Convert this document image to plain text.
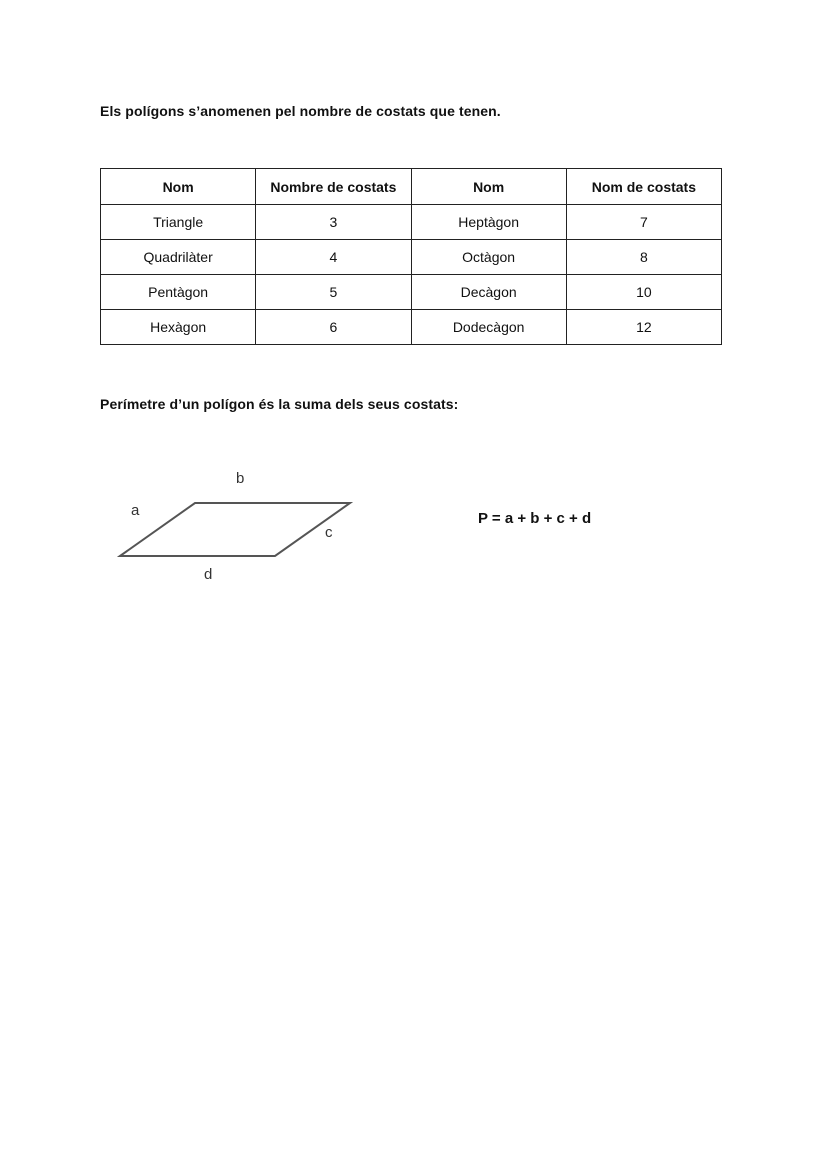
Els polígons s’anomenen pel nombre de costats que tenen.

Nom	Nombre de costats	Nom	Nom de costats
Triangle	3	Heptàgon	7
Quadrilàter	4	Octàgon	8
Pentàgon	5	Decàgon	10
Hexàgon	6	Dodecàgon	12

Perímetre d’un polígon és la suma dels seus costats:

a
b
c
d
P = a + b + c + d
